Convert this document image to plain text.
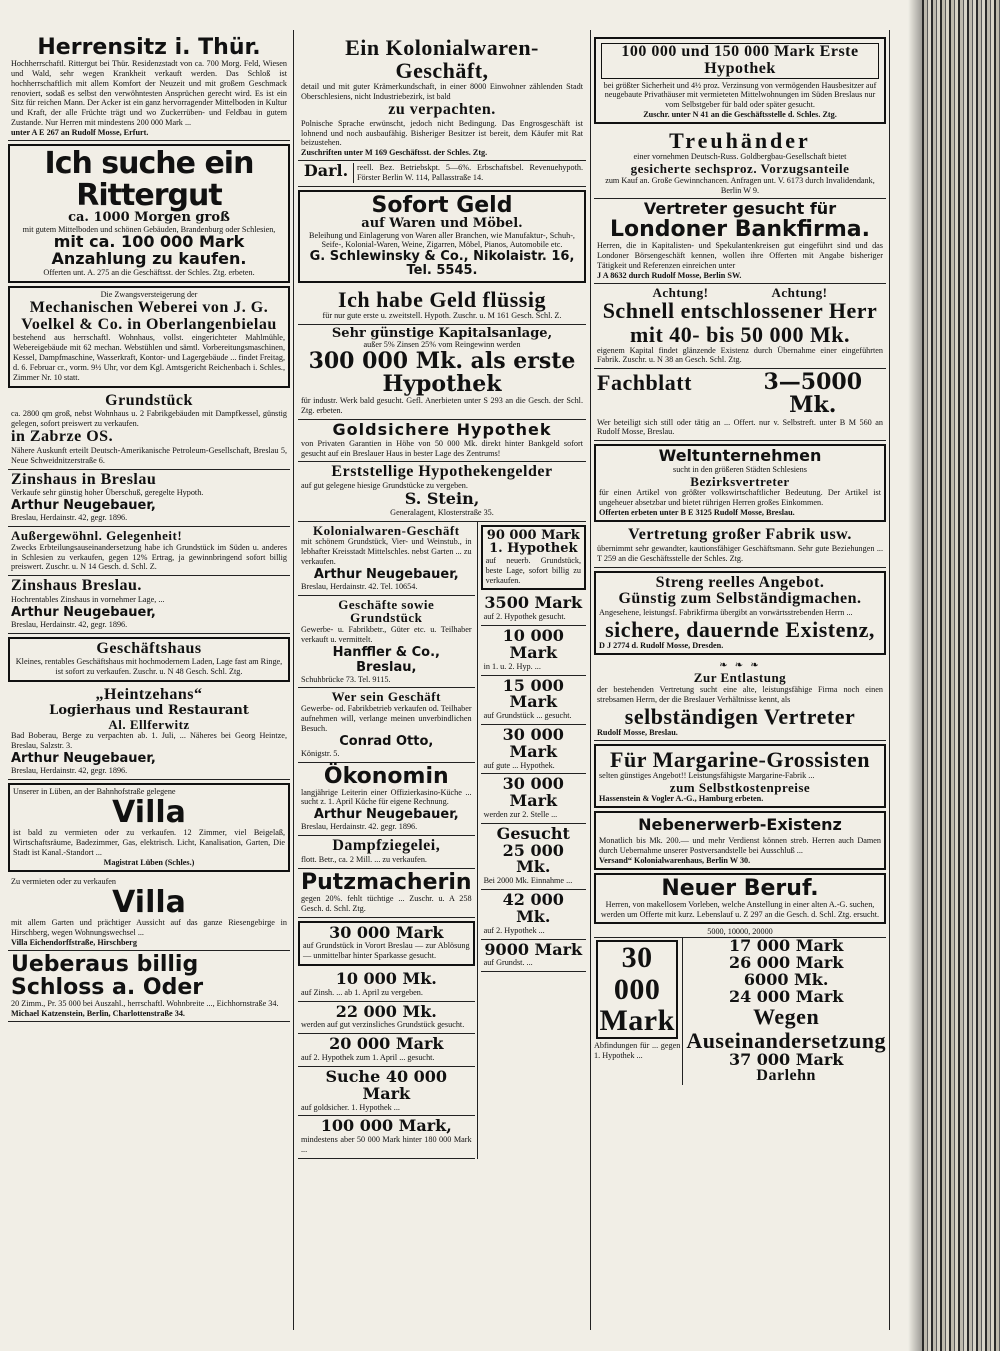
Herrensitz i. Thür.
Hochherrschaftl. Rittergut bei Thür. Residenzstadt von ca. 700 Morg. Feld, Wiesen und Wald, sehr wegen Krankheit verkauft werden. Das Schloß ist hochherrschaftlich mit allem Komfort der Neuzeit und mit großem Geschmack renoviert, sodaß es selbst den verwöhntesten Ansprüchen gerecht wird. Es ist ein Sitz für reichen Mann. Der Acker ist ein ganz hervorragender Mittelboden in Kultur und Kraft, der alle Früchte trägt und wo Zuckerrüben- und Feldbau in gutem Zustande. Nur Herren mit mindestens 200 000 Mark ...
unter A E 267 an Rudolf Mosse, Erfurt.
Ich suche ein Rittergut
ca. 1000 Morgen groß
mit gutem Mittelboden und schönen Gebäuden, Brandenburg oder Schlesien,
mit ca. 100 000 Mark Anzahlung zu kaufen.
Offerten unt. A. 275 an die Geschäftsst. der Schles. Ztg. erbeten.
Die Zwangsversteigerung der
Mechanischen Weberei von J. G. Voelkel & Co. in Oberlangenbielau
bestehend aus herrschaftl. Wohnhaus, vollst. eingerichteter Mahlmühle, Webereigebäude mit 62 mechan. Webstühlen und sämtl. Vorbereitungsmaschinen, Kessel, Dampfmaschine, Wasserkraft, Kontor- und Lagergebäude ... findet Freitag, d. 6. Februar cr., vorm. 9½ Uhr, vor dem Kgl. Amtsgericht Reichenbach i. Schles., Zimmer Nr. 10 statt.
Grundstück
ca. 2800 qm groß, nebst Wohnhaus u. 2 Fabrikgebäuden mit Dampfkessel, günstig gelegen, sofort preiswert zu verkaufen.
in Zabrze OS.
Nähere Auskunft erteilt Deutsch-Amerikanische Petroleum-Gesellschaft, Breslau 5, Neue Schweidnitzerstraße 6.
Zinshaus in Breslau
Verkaufe sehr günstig hoher Überschuß, geregelte Hypoth.
Arthur Neugebauer,
Breslau, Herdainstr. 42, gegr. 1896.
Außergewöhnl. Gelegenheit!
Zwecks Erbteilungsauseinandersetzung habe ich Grundstück im Süden u. anderes in Schlesien zu verkaufen, gegen 12% Ertrag, ja gewinnbringend sofort billig preiswert. Zuschr. u. N 14 Gesch. d. Schl. Z.
Zinshaus Breslau.
Hochrentables Zinshaus in vornehmer Lage, ...
Arthur Neugebauer,
Breslau, Herdainstr. 42, gegr. 1896.
Geschäftshaus
Kleines, rentables Geschäftshaus mit hochmodernem Laden, Lage fast am Ringe, ist sofort zu verkaufen. Zuschr. u. N 48 Gesch. Schl. Ztg.
„Heintzehans“
Logierhaus und Restaurant
Al. Ellferwitz
Bad Boberau, Berge zu verpachten ab. 1. Juli, ... Näheres bei Georg Heintze, Breslau, Salzstr. 3.
Arthur Neugebauer,
Breslau, Herdainstr. 42, gegr. 1896.
Unserer in Lüben, an der Bahnhofstraße gelegene
Villa
ist bald zu vermieten oder zu verkaufen. 12 Zimmer, viel Beigelaß, Wirtschaftsräume, Badezimmer, Gas, elektrisch. Licht, Kanalisation, Garten, Die Stadt ist Kanal.-Standort ...
Magistrat Lüben (Schles.)
Zu vermieten oder zu verkaufen
Villa
mit allem Garten und prächtiger Aussicht auf das ganze Riesengebirge in Hirschberg, wegen Wohnungswechsel ...
Villa Eichendorffstraße, Hirschberg
Ueberaus billig Schloss a. Oder
20 Zimm., Pr. 35 000 bei Auszahl., herrschaftl. Wohnbreite ..., Eichhornstraße 34.
Michael Katzenstein, Berlin, Charlottenstraße 34.
Ein Kolonialwaren-Geschäft,
detail und mit guter Krämerkundschaft, in einer 8000 Einwohner zählenden Stadt Oberschlesiens, nicht Industriebezirk, ist bald
zu verpachten.
Polnische Sprache erwünscht, jedoch nicht Bedingung. Das Engrosgeschäft ist lohnend und noch ausbaufähig. Bisheriger Besitzer ist bereit, dem Käufer mit Rat beizustehen.
Zuschriften unter M 169 Geschäftsst. der Schles. Ztg.
Darl.	reell. Bez. Betriebskpt. 5—6%. Erbschaftsbel. Revenuehypoth. Förster Berlin W. 114, Pallasstraße 14.
Sofort Geld
auf Waren und Möbel.
Beleihung und Einlagerung von Waren aller Branchen, wie Manufaktur-, Schuh-, Seife-, Kolonial-Waren, Weine, Zigarren, Möbel, Pianos, Automobile etc.
G. Schlewinsky & Co., Nikolaistr. 16, Tel. 5545.
Ich habe Geld flüssig
für nur gute erste u. zweitstell. Hypoth. Zuschr. u. M 161 Gesch. Schl. Z.
Sehr günstige Kapitalsanlage,
außer 5% Zinsen 25% vom Reingewinn werden
300 000 Mk. als erste Hypothek
für industr. Werk bald gesucht. Gefl. Anerbieten unter S 293 an die Gesch. der Schl. Ztg. erbeten.
Goldsichere Hypothek
von Privaten Garantien in Höhe von 50 000 Mk. direkt hinter Bankgeld sofort gesucht auf ein Breslauer Haus in bester Lage des Zentrums!
Erststellige Hypothekengelder
auf gut gelegene hiesige Grundstücke zu vergeben.
S. Stein,
Generalagent, Klosterstraße 35.
Kolonialwaren-Geschäft
mit schönem Grundstück, Vier- und Weinstub., in lebhafter Kreisstadt Mittelschles. nebst Garten ... zu verkaufen.
Arthur Neugebauer,
Breslau, Herdainstr. 42. Tel. 10654.
Geschäfte sowie Grundstück
Gewerbe- u. Fabrikbetr., Güter etc. u. Teilhaber verkauft u. vermittelt.
Hanffler & Co., Breslau,
Schuhbrücke 73. Tel. 9115.
Wer sein Geschäft
Gewerbe- od. Fabrikbetrieb verkaufen od. Teilhaber aufnehmen will, verlange meinen unverbindlichen Besuch.
Conrad Otto,
Königstr. 5.
Ökonomin
langjährige Leiterin einer Offizierkasino-Küche ... sucht z. 1. April Küche für eigene Rechnung.
Arthur Neugebauer,
Breslau, Herdainstr. 42. gegr. 1896.
Dampfziegelei,
flott. Betr., ca. 2 Mill. ... zu verkaufen.
Putzmacherin
gegen 20%. fehlt tüchtige ... Zuschr. u. A 258 Gesch. d. Schl. Ztg.
30 000 Mark
auf Grundstück in Vorort Breslau — zur Ablösung — unmittelbar hinter Sparkasse gesucht.
10 000 Mk.
auf Zinsh. ... ab 1. April zu vergeben.
22 000 Mk.
werden auf gut verzinsliches Grundstück gesucht.
20 000 Mark
auf 2. Hypothek zum 1. April ... gesucht.
Suche 40 000 Mark
auf goldsicher. 1. Hypothek ...
100 000 Mark,
mindestens aber 50 000 Mark hinter 180 000 Mark ...
90 000 Mark 1. Hypothek
auf neuerb. Grundstück, beste Lage, sofort billig zu verkaufen.
3500 Mark
auf 2. Hypothek gesucht.
10 000 Mark
in 1. u. 2. Hyp. ...
15 000 Mark
auf Grundstück ... gesucht.
30 000 Mark
auf gute ... Hypothek.
30 000 Mark
werden zur 2. Stelle ...
Gesucht 25 000 Mk.
Bei 2000 Mk. Einnahme ...
42 000 Mk.
auf 2. Hypothek ...
9000 Mark
auf Grundst. ...
100 000 und 150 000 Mark Erste Hypothek
bei größter Sicherheit und 4½ proz. Verzinsung von vermögenden Hausbesitzer auf neugebaute Privathäuser mit vermieteten Mittelwohnungen im Süden Breslaus nur vom Selbstgeber für bald oder später gesucht.
Zuschr. unter N 41 an die Geschäftsstelle d. Schles. Ztg.
Treuhänder
einer vornehmen Deutsch-Russ. Goldbergbau-Gesellschaft bietet
gesicherte sechsproz. Vorzugsanteile
zum Kauf an. Große Gewinnchancen. Anfragen unt. V. 6173 durch Invalidendank, Berlin W 9.
Vertreter gesucht für
Londoner Bankfirma.
Herren, die in Kapitalisten- und Spekulantenkreisen gut eingeführt sind und das Londoner Börsengeschäft kennen, wollen ihre Offerten mit Angabe bisheriger Tätigkeit und Referenzen einreichen unter
J A 8632 durch Rudolf Mosse, Berlin SW.
Achtung! Achtung!
Schnell entschlossener Herr
mit 40- bis 50 000 Mk.
eigenem Kapital findet glänzende Existenz durch Übernahme einer eingeführten Fabrik. Zuschr. u. N 38 an Gesch. Schl. Ztg.
Fachblatt	3—5000 Mk.
Wer beteiligt sich still oder tätig an ... Offert. nur v. Selbstreft. unter B M 560 an Rudolf Mosse, Breslau.
Weltunternehmen
sucht in den größeren Städten Schlesiens
Bezirksvertreter
für einen Artikel von größter volkswirtschaftlicher Bedeutung. Der Artikel ist ungeheuer absetzbar und bietet rührigen Herren großes Einkommen.
Offerten erbeten unter B E 3125 Rudolf Mosse, Breslau.
Vertretung großer Fabrik usw.
übernimmt sehr gewandter, kautionsfähiger Geschäftsmann. Sehr gute Beziehungen ... T 259 an die Geschäftsstelle der Schles. Ztg.
Streng reelles Angebot.
Günstig zum Selbständigmachen.
Angesehene, leistungsf. Fabrikfirma übergibt an vorwärtsstrebenden Herrn ...
sichere, dauernde Existenz,
D J 2774 d. Rudolf Mosse, Dresden.
❧ ❧ ❧
Zur Entlastung
der bestehenden Vertretung sucht eine alte, leistungsfähige Firma noch einen strebsamen Herrn, der die Breslauer Verhältnisse kennt, als
selbständigen Vertreter
Rudolf Mosse, Breslau.
Für Margarine-Grossisten
selten günstiges Angebot!! Leistungsfähigste Margarine-Fabrik ...
zum Selbstkostenpreise
Hassenstein & Vogler A.-G., Hamburg erbeten.
Nebenerwerb-Existenz
Monatlich bis Mk. 200.— und mehr Verdienst können streb. Herren auch Damen durch Uebernahme unserer Postversandstelle bei Ausschluß ...
Versand“ Kolonialwarenhaus, Berlin W 30.
Neuer Beruf.
Herren, von makellosem Vorleben, welche Anstellung in einer alten A.-G. suchen, werden um Offerte mit kurz. Lebenslauf u. Z 297 an die Gesch. d. Schl. Ztg. ersucht.
5000, 10000, 20000
30 000 Mark
Abfindungen für ... gegen 1. Hypothek ...
17 000 Mark
26 000 Mark
6000 Mk.
24 000 Mark
Wegen Auseinandersetzung
37 000 Mark
Darlehn
